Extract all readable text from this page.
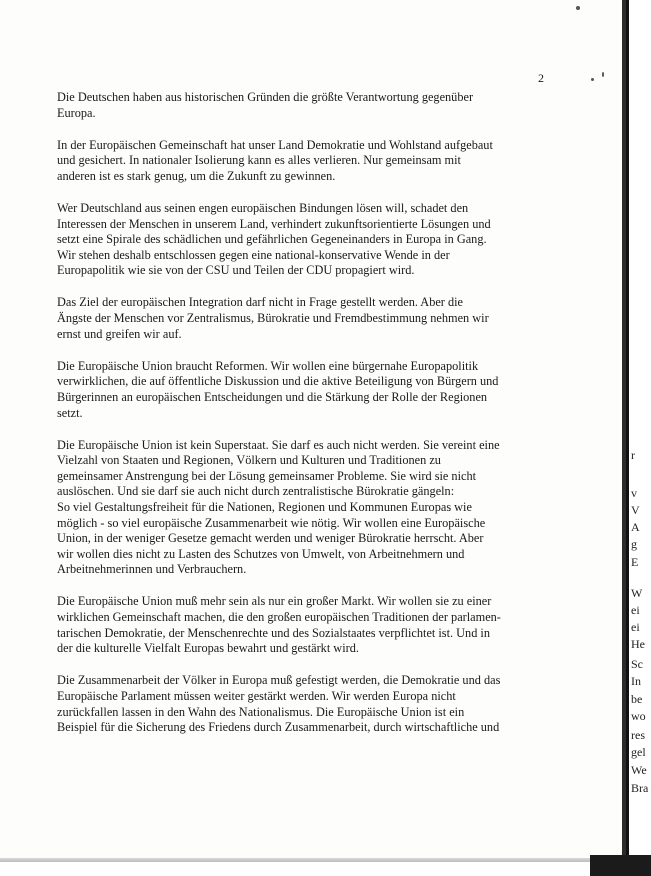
2

Die Deutschen haben aus historischen Gründen die größte Verantwortung gegenüber
Europa.

In der Europäischen Gemeinschaft hat unser Land Demokratie und Wohlstand aufgebaut
und gesichert. In nationaler Isolierung kann es alles verlieren. Nur gemeinsam mit
anderen ist es stark genug, um die Zukunft zu gewinnen.

Wer Deutschland aus seinen engen europäischen Bindungen lösen will, schadet den
Interessen der Menschen in unserem Land, verhindert zukunftsorientierte Lösungen und
setzt eine Spirale des schädlichen und gefährlichen Gegeneinanders in Europa in Gang.
Wir stehen deshalb entschlossen gegen eine national-konservative Wende in der
Europapolitik wie sie von der CSU und Teilen der CDU propagiert wird.

Das Ziel der europäischen Integration darf nicht in Frage gestellt werden. Aber die
Ängste der Menschen vor Zentralismus, Bürokratie und Fremdbestimmung nehmen wir
ernst und greifen wir auf.

Die Europäische Union braucht Reformen. Wir wollen eine bürgernahe Europapolitik
verwirklichen, die auf öffentliche Diskussion und die aktive Beteiligung von Bürgern und
Bürgerinnen an europäischen Entscheidungen und die Stärkung der Rolle der Regionen
setzt.

Die Europäische Union ist kein Superstaat. Sie darf es auch nicht werden. Sie vereint eine
Vielzahl von Staaten und Regionen, Völkern und Kulturen und Traditionen zu
gemeinsamer Anstrengung bei der Lösung gemeinsamer Probleme. Sie wird sie nicht
auslöschen. Und sie darf sie auch nicht durch zentralistische Bürokratie gängeln:
So viel Gestaltungsfreiheit für die Nationen, Regionen und Kommunen Europas wie
möglich - so viel europäische Zusammenarbeit wie nötig. Wir wollen eine Europäische
Union, in der weniger Gesetze gemacht werden und weniger Bürokratie herrscht. Aber
wir wollen dies nicht zu Lasten des Schutzes von Umwelt, von Arbeitnehmern und
Arbeitnehmerinnen und Verbrauchern.

Die Europäische Union muß mehr sein als nur ein großer Markt. Wir wollen sie zu einer
wirklichen Gemeinschaft machen, die den großen europäischen Traditionen der parlamen-
tarischen Demokratie, der Menschenrechte und des Sozialstaates verpflichtet ist. Und in
der die kulturelle Vielfalt Europas bewahrt und gestärkt wird.

Die Zusammenarbeit der Völker in Europa muß gefestigt werden, die Demokratie und das
Europäische Parlament müssen weiter gestärkt werden. Wir werden Europa nicht
zurückfallen lassen in den Wahn des Nationalismus. Die Europäische Union ist ein
Beispiel für die Sicherung des Friedens durch Zusammenarbeit, durch wirtschaftliche und

r
v
V
A
g
E
W
ei
ei
He
Sc
In
be
wo
res
gel
We
Bra
